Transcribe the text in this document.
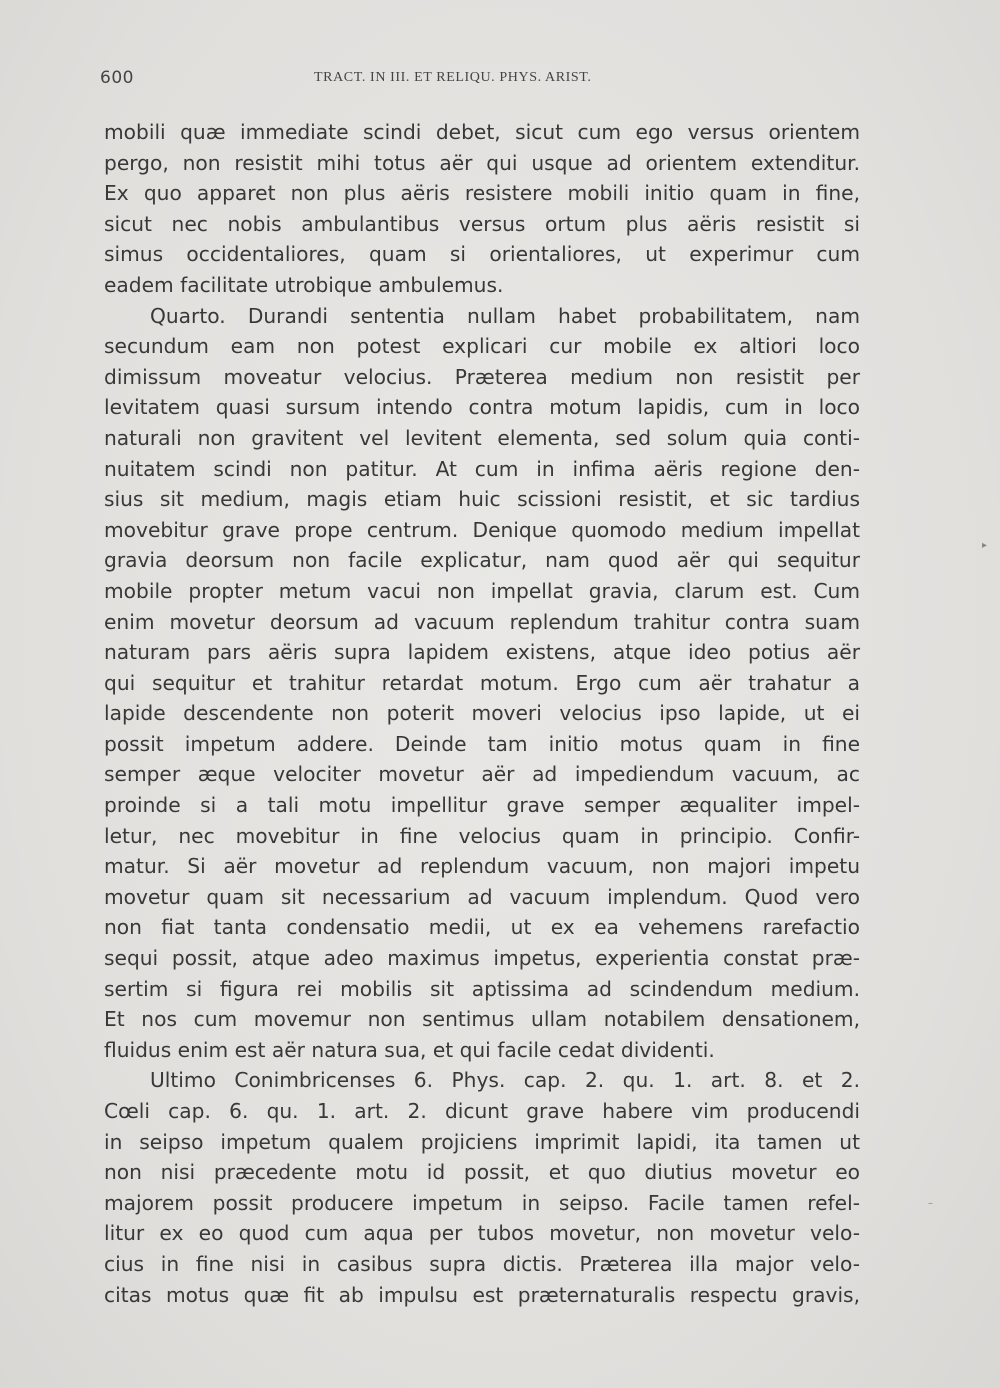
600	TRACT. IN III. ET RELIQU. PHYS. ARIST.
mobili quæ immediate scindi debet, sicut cum ego versus orientem
pergo, non resistit mihi totus aër qui usque ad orientem extenditur.
Ex quo apparet non plus aëris resistere mobili initio quam in fine,
sicut nec nobis ambulantibus versus ortum plus aëris resistit si
simus occidentaliores, quam si orientaliores, ut experimur cum
eadem facilitate utrobique ambulemus.
Quarto. Durandi sententia nullam habet probabilitatem, nam
secundum eam non potest explicari cur mobile ex altiori loco
dimissum moveatur velocius. Præterea medium non resistit per
levitatem quasi sursum intendo contra motum lapidis, cum in loco
naturali non gravitent vel levitent elementa, sed solum quia conti-
nuitatem scindi non patitur. At cum in infima aëris regione den-
sius sit medium, magis etiam huic scissioni resistit, et sic tardius
movebitur grave prope centrum. Denique quomodo medium impellat
gravia deorsum non facile explicatur, nam quod aër qui sequitur
mobile propter metum vacui non impellat gravia, clarum est. Cum
enim movetur deorsum ad vacuum replendum trahitur contra suam
naturam pars aëris supra lapidem existens, atque ideo potius aër
qui sequitur et trahitur retardat motum. Ergo cum aër trahatur a
lapide descendente non poterit moveri velocius ipso lapide, ut ei
possit impetum addere. Deinde tam initio motus quam in fine
semper æque velociter movetur aër ad impediendum vacuum, ac
proinde si a tali motu impellitur grave semper æqualiter impel-
letur, nec movebitur in fine velocius quam in principio. Confir-
matur. Si aër movetur ad replendum vacuum, non majori impetu
movetur quam sit necessarium ad vacuum implendum. Quod vero
non fiat tanta condensatio medii, ut ex ea vehemens rarefactio
sequi possit, atque adeo maximus impetus, experientia constat præ-
sertim si figura rei mobilis sit aptissima ad scindendum medium.
Et nos cum movemur non sentimus ullam notabilem densationem,
fluidus enim est aër natura sua, et qui facile cedat dividenti.
Ultimo Conimbricenses 6. Phys. cap. 2. qu. 1. art. 8. et 2.
Cœli cap. 6. qu. 1. art. 2. dicunt grave habere vim producendi
in seipso impetum qualem projiciens imprimit lapidi, ita tamen ut
non nisi præcedente motu id possit, et quo diutius movetur eo
majorem possit producere impetum in seipso. Facile tamen refel-
litur ex eo quod cum aqua per tubos movetur, non movetur velo-
cius in fine nisi in casibus supra dictis. Præterea illa major velo-
citas motus quæ fit ab impulsu est præternaturalis respectu gravis,
▸
–
